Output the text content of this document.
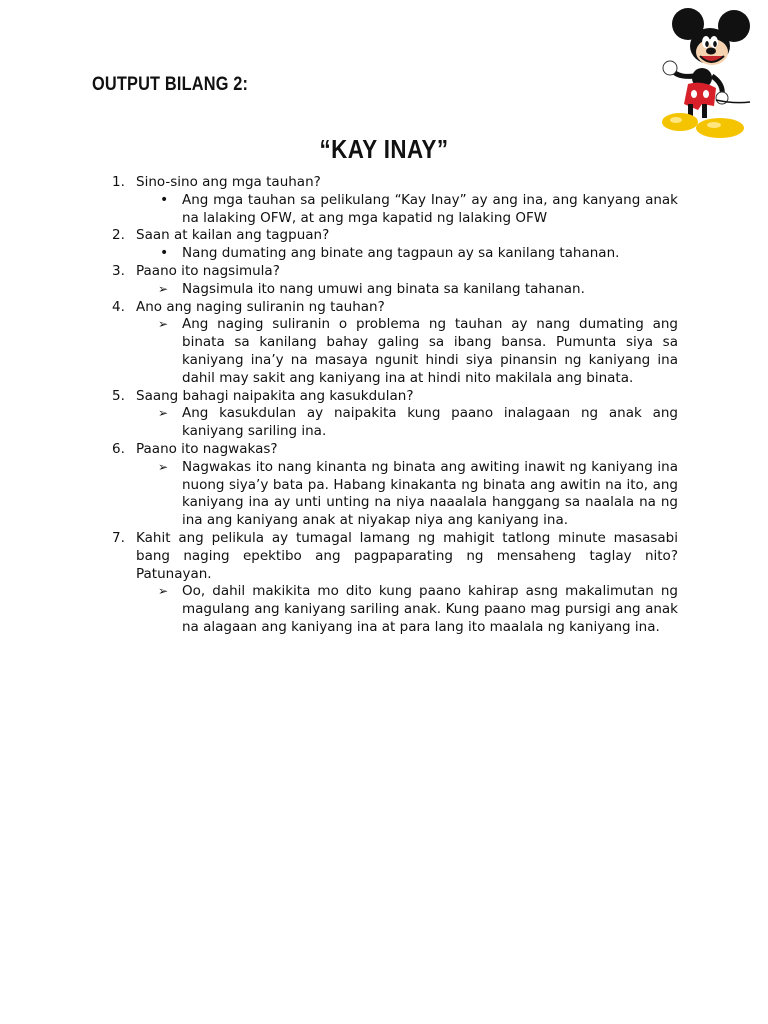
OUTPUT BILANG 2:
“KAY INAY”
1. Sino-sino ang mga tauhan?
•	Ang mga tauhan sa pelikulang “Kay Inay” ay ang ina, ang kanyang anak na lalaking OFW, at ang mga kapatid ng lalaking OFW
2. Saan at kailan ang tagpuan?
•	Nang dumating ang binate ang tagpaun ay sa kanilang tahanan.
3. Paano ito nagsimula?
➢	Nagsimula ito nang umuwi ang binata sa kanilang tahanan.
4. Ano ang naging suliranin ng tauhan?
➢	Ang naging suliranin o problema ng tauhan ay nang dumating ang binata sa kanilang bahay galing sa ibang bansa. Pumunta siya sa kaniyang ina’y na masaya ngunit hindi siya pinansin ng kaniyang ina dahil may sakit ang kaniyang ina at hindi nito makilala ang binata.
5. Saang bahagi naipakita ang kasukdulan?
➢	Ang kasukdulan ay naipakita kung paano inalagaan ng anak ang kaniyang sariling ina.
6. Paano ito nagwakas?
➢	Nagwakas ito nang kinanta ng binata ang awiting inawit ng kaniyang ina nuong siya’y bata pa. Habang kinakanta ng binata ang awitin na ito, ang kaniyang ina ay unti unting na niya naaalala hanggang sa naalala na ng ina ang kaniyang anak at niyakap niya ang kaniyang ina.
7. Kahit ang pelikula ay tumagal lamang ng mahigit tatlong minute masasabi bang naging epektibo ang pagpaparating ng mensaheng taglay nito? Patunayan.
➢	Oo, dahil makikita mo dito kung paano kahirap asng makalimutan ng magulang ang kaniyang sariling anak. Kung paano mag pursigi ang anak na alagaan ang kaniyang ina at para lang ito maalala ng kaniyang ina.
